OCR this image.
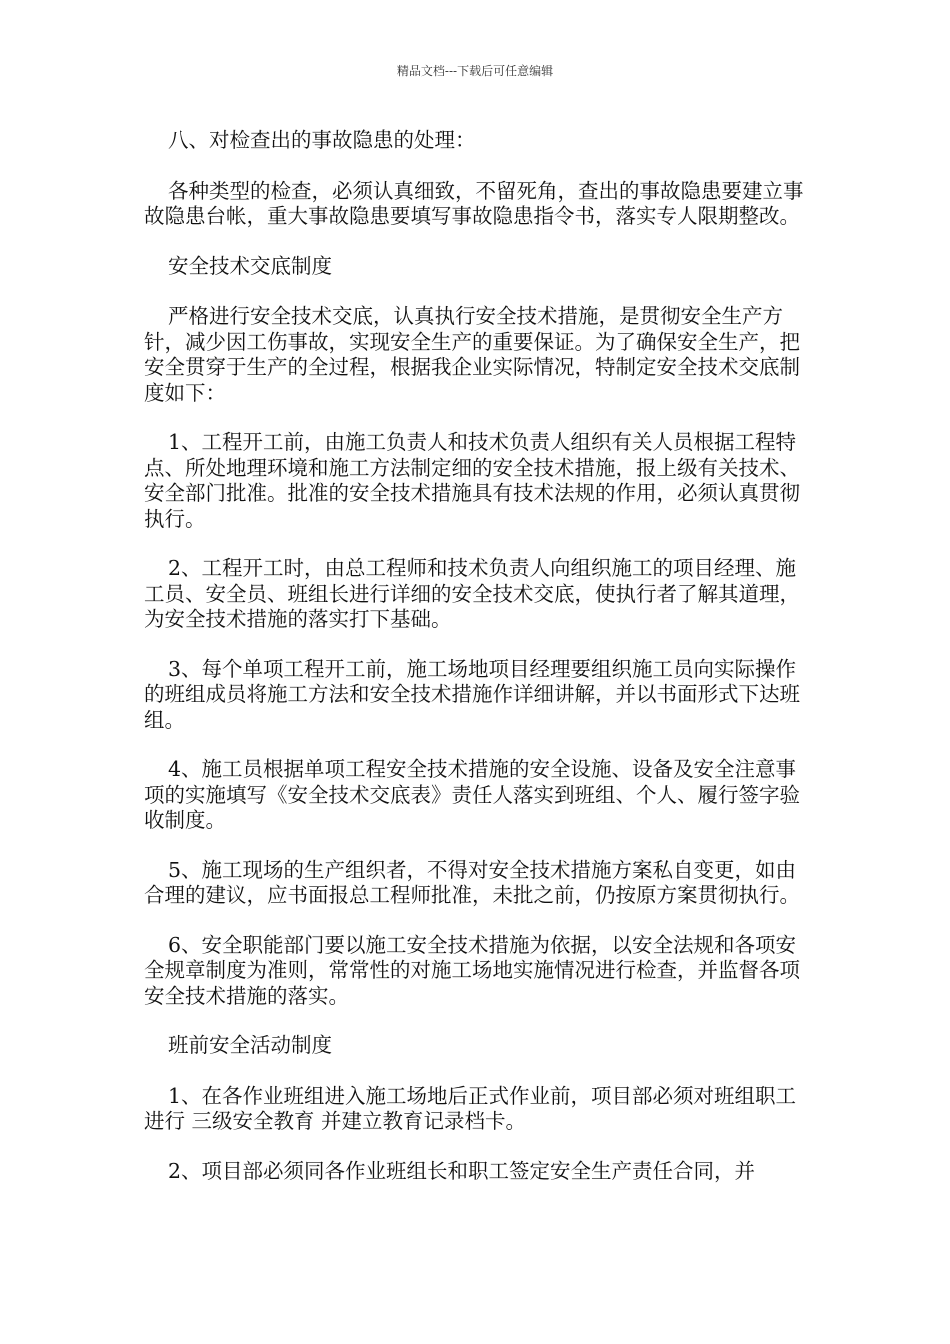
精品文档---下载后可任意编辑

八、对检查出的事故隐患的处理：

各种类型的检查，必须认真细致，不留死角，查出的事故隐患要建立事故隐患台帐，重大事故隐患要填写事故隐患指令书，落实专人限期整改。

安全技术交底制度

严格进行安全技术交底，认真执行安全技术措施，是贯彻安全生产方针，减少因工伤事故，实现安全生产的重要保证。为了确保安全生产，把安全贯穿于生产的全过程，根据我企业实际情况，特制定安全技术交底制度如下：

1、工程开工前，由施工负责人和技术负责人组织有关人员根据工程特点、所处地理环境和施工方法制定细的安全技术措施，报上级有关技术、安全部门批准。批准的安全技术措施具有技术法规的作用，必须认真贯彻执行。

2、工程开工时，由总工程师和技术负责人向组织施工的项目经理、施工员、安全员、班组长进行详细的安全技术交底，使执行者了解其道理，为安全技术措施的落实打下基础。

3、每个单项工程开工前，施工场地项目经理要组织施工员向实际操作的班组成员将施工方法和安全技术措施作详细讲解，并以书面形式下达班组。

4、施工员根据单项工程安全技术措施的安全设施、设备及安全注意事项的实施填写《安全技术交底表》责任人落实到班组、个人、履行签字验收制度。

5、施工现场的生产组织者，不得对安全技术措施方案私自变更，如由合理的建议，应书面报总工程师批准，未批之前，仍按原方案贯彻执行。

6、安全职能部门要以施工安全技术措施为依据，以安全法规和各项安全规章制度为准则，常常性的对施工场地实施情况进行检查，并监督各项安全技术措施的落实。

班前安全活动制度

1、在各作业班组进入施工场地后正式作业前，项目部必须对班组职工进行 三级安全教育 并建立教育记录档卡。

2、项目部必须同各作业班组长和职工签定安全生产责任合同，并
